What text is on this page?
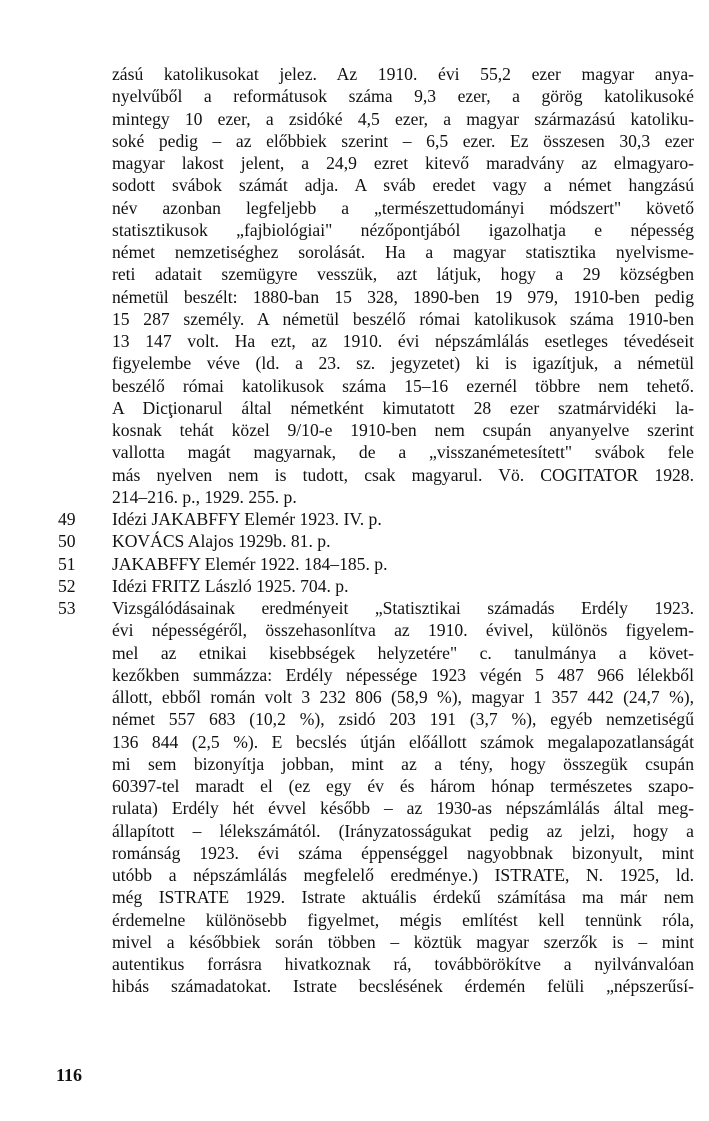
zású katolikusokat jelez. Az 1910. évi 55,2 ezer magyar anya-
nyelvűből a reformátusok száma 9,3 ezer, a görög katolikusoké
mintegy 10 ezer, a zsidóké 4,5 ezer, a magyar származású katoliku-
soké pedig – az előbbiek szerint – 6,5 ezer. Ez összesen 30,3 ezer
magyar lakost jelent, a 24,9 ezret kitevő maradvány az elmagyaro-
sodott svábok számát adja. A sváb eredet vagy a német hangzású
név azonban legfeljebb a „természettudományi módszert" követő
statisztikusok „fajbiológiai" nézőpontjából igazolhatja e népesség
német nemzetiséghez sorolását. Ha a magyar statisztika nyelvisme-
reti adatait szemügyre vesszük, azt látjuk, hogy a 29 községben
németül beszélt: 1880-ban 15 328, 1890-ben 19 979, 1910-ben pedig
15 287 személy. A németül beszélő római katolikusok száma 1910-ben
13 147 volt. Ha ezt, az 1910. évi népszámlálás esetleges tévedéseit
figyelembe véve (ld. a 23. sz. jegyzetet) ki is igazítjuk, a németül
beszélő római katolikusok száma 15–16 ezernél többre nem tehető.
A Dicţionarul által németként kimutatott 28 ezer szatmárvidéki la-
kosnak tehát közel 9/10-e 1910-ben nem csupán anyanyelve szerint
vallotta magát magyarnak, de a „visszanémetesített" svábok fele
más nyelven nem is tudott, csak magyarul. Vö. COGITATOR 1928.
214–216. p., 1929. 255. p.
49	Idézi JAKABFFY Elemér 1923. IV. p.
50	KOVÁCS Alajos 1929b. 81. p.
51	JAKABFFY Elemér 1922. 184–185. p.
52	Idézi FRITZ László 1925. 704. p.
53	Vizsgálódásainak eredményeit „Statisztikai számadás Erdély 1923.
évi népességéről, összehasonlítva az 1910. évivel, különös figyelem-
mel az etnikai kisebbségek helyzetére" c. tanulmánya a követ-
kezőkben summázza: Erdély népessége 1923 végén 5 487 966 lélekből
állott, ebből román volt 3 232 806 (58,9 %), magyar 1 357 442 (24,7 %),
német 557 683 (10,2 %), zsidó 203 191 (3,7 %), egyéb nemzetiségű
136 844 (2,5 %). E becslés útján előállott számok megalapozatlanságát
mi sem bizonyítja jobban, mint az a tény, hogy összegük csupán
60397-tel maradt el (ez egy év és három hónap természetes szapo-
rulata) Erdély hét évvel később – az 1930-as népszámlálás által meg-
állapított – lélekszámától. (Irányzatosságukat pedig az jelzi, hogy a
románság 1923. évi száma éppenséggel nagyobbnak bizonyult, mint
utóbb a népszámlálás megfelelő eredménye.) ISTRATE, N. 1925, ld.
még ISTRATE 1929. Istrate aktuális érdekű számítása ma már nem
érdemelne különösebb figyelmet, mégis említést kell tennünk róla,
mivel a későbbiek során többen – köztük magyar szerzők is – mint
autentikus forrásra hivatkoznak rá, továbbörökítve a nyilvánvalóan
hibás számadatokat. Istrate becslésének érdemén felüli „népszerűsí-
116
